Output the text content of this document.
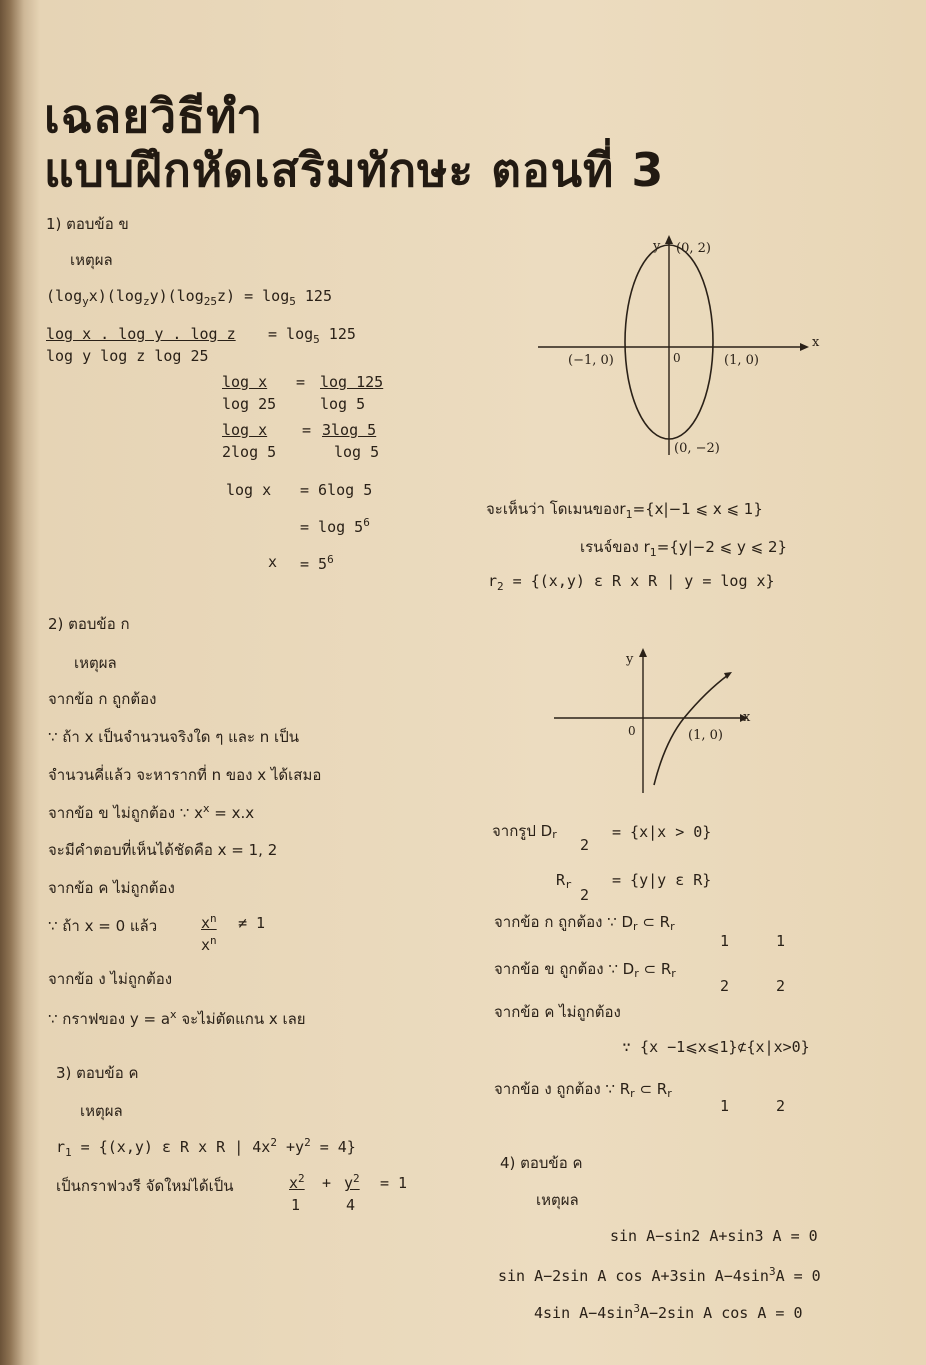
เฉลยวิธีทำ
แบบฝึกหัดเสริมทักษะ ตอนที่ 3
1) ตอบข้อ ข
เหตุผล
$(\log_yx)(\log_zy)(\log_{25}z) = \log_5 125$
log x . log y . log z
log y log z log 25
= $\log_5 125$
log x
log 25
= log 125
log 5
log x
2log 5
= 3log 5
log 5
log x = 6log 5
= $\log 5^6$
$x = 5^6$
2) ตอบข้อ ก
เหตุผล
จากข้อ ก ถูกต้อง
∵ ถ้า x เป็นจำนวนจริงใด ๆ และ n เป็น
จำนวนคี่แล้ว จะหารากที่ n ของ x ได้เสมอ
จากข้อ ข ไม่ถูกต้อง ∵ $x^x = x.x$
จะมีคำตอบที่เห็นได้ชัดคือ x = 1, 2
จากข้อ ค ไม่ถูกต้อง
∵ ถ้า x = 0 แล้ว	$x^n$
$x^n$
≠ 1
จากข้อ ง ไม่ถูกต้อง
∵ กราฟของ $y = a^x$ จะไม่ตัดแกน x เลย
3) ตอบข้อ ค
เหตุผล
$r_1 = \{(x,y)$ ε R x R | $4x^2 +y^2 = 4$}
เป็นกราฟวงรี จัดใหม่ได้เป็น	$x^2$
1
+ $y^2$
4
= 1
y (0, 2)
x
(−1, 0)	0	(1, 0)
(0, −2)
จะเห็นว่า โดเมนของ$r_1=\{x|-1$ ⩽ x ⩽ 1}
เรนจ์ของ $r_1=\{y|-2$ ⩽ y ⩽ 2}
$r_2 = \{(x,y)$ ε R x R | y = log x}
y
x
0	(1, 0)
จากรูป Dr
2
= {x|x > 0}
$R_r$
2
= {y|y ε R}
จากข้อ ก ถูกต้อง ∵ $D_r$ ⊂ $R_r$
1	1
จากข้อ ข ถูกต้อง ∵ $D_r$ ⊂ $R_r$
2	2
จากข้อ ค ไม่ถูกต้อง
∵ {x −1⩽x⩽1}⊄{x|x>0}
จากข้อ ง ถูกต้อง ∵ $R_r$ ⊂ $R_r$
1	2
4) ตอบข้อ ค
เหตุผล
sin A−sin2 A+sin3 A = 0
sin A−2sin A cos A+3sin $A-4\sin^3A = 0$
4sin $A-4\sin^3A-2\sin$ A cos A = 0
